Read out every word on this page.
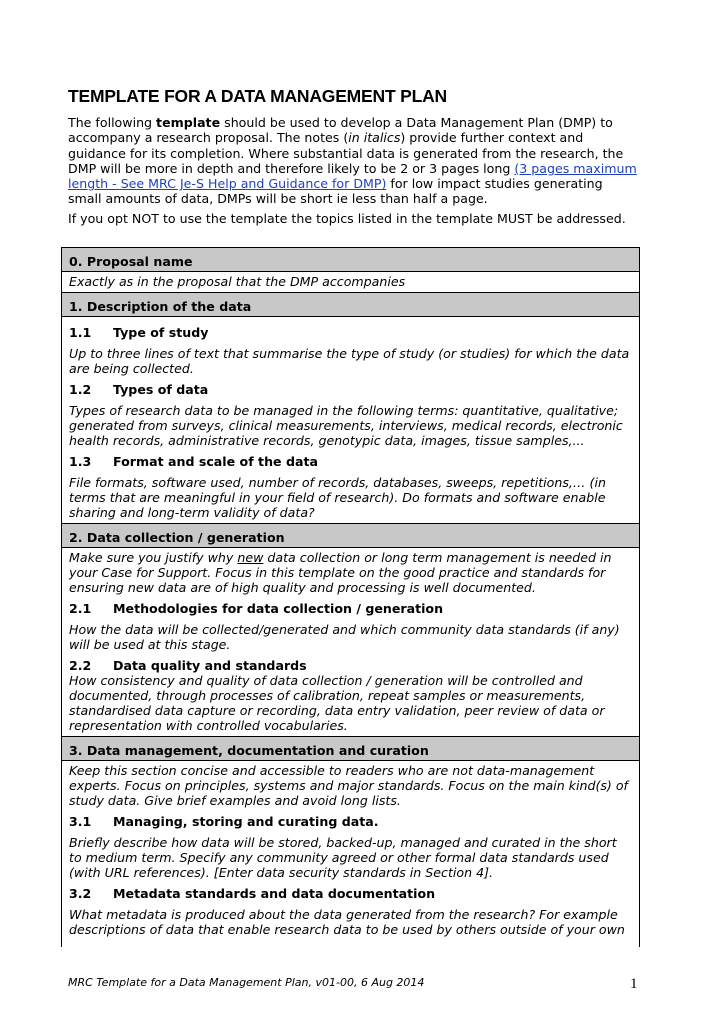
TEMPLATE FOR A DATA MANAGEMENT PLAN

The following template should be used to develop a Data Management Plan (DMP) to accompany a research proposal. The notes (in italics) provide further context and guidance for its completion. Where substantial data is generated from the research, the DMP will be more in depth and therefore likely to be 2 or 3 pages long (3 pages maximum length - See MRC Je-S Help and Guidance for DMP) for low impact studies generating small amounts of data, DMPs will be short ie less than half a page.

If you opt NOT to use the template the topics listed in the template MUST be addressed.

0. Proposal name

Exactly as in the proposal that the DMP accompanies

1. Description of the data
1.1	Type of study

Up to three lines of text that summarise the type of study (or studies) for which the data are being collected.

1.2	Types of data

Types of research data to be managed in the following terms: quantitative, qualitative; generated from surveys, clinical measurements, interviews, medical records, electronic health records, administrative records, genotypic data, images, tissue samples,...

1.3	Format and scale of the data

File formats, software used, number of records, databases, sweeps, repetitions,… (in terms that are meaningful in your field of research). Do formats and software enable sharing and long-term validity of data?

2. Data collection / generation

Make sure you justify why new data collection or long term management is needed in your Case for Support. Focus in this template on the good practice and standards for ensuring new data are of high quality and processing is well documented.

2.1	Methodologies for data collection / generation

How the data will be collected/generated and which community data standards (if any) will be used at this stage.

2.2	Data quality and standards

How consistency and quality of data collection / generation will be controlled and documented, through processes of calibration, repeat samples or measurements, standardised data capture or recording, data entry validation, peer review of data or representation with controlled vocabularies.

3. Data management, documentation and curation

Keep this section concise and accessible to readers who are not data-management experts. Focus on principles, systems and major standards. Focus on the main kind(s) of study data. Give brief examples and avoid long lists.

3.1	Managing, storing and curating data.

Briefly describe how data will be stored, backed-up, managed and curated in the short to medium term. Specify any community agreed or other formal data standards used (with URL references). [Enter data security standards in Section 4].

3.2	Metadata standards and data documentation

What metadata is produced about the data generated from the research? For example descriptions of data that enable research data to be used by others outside of your own

MRC Template for a Data Management Plan, v01-00, 6 Aug 2014	1
